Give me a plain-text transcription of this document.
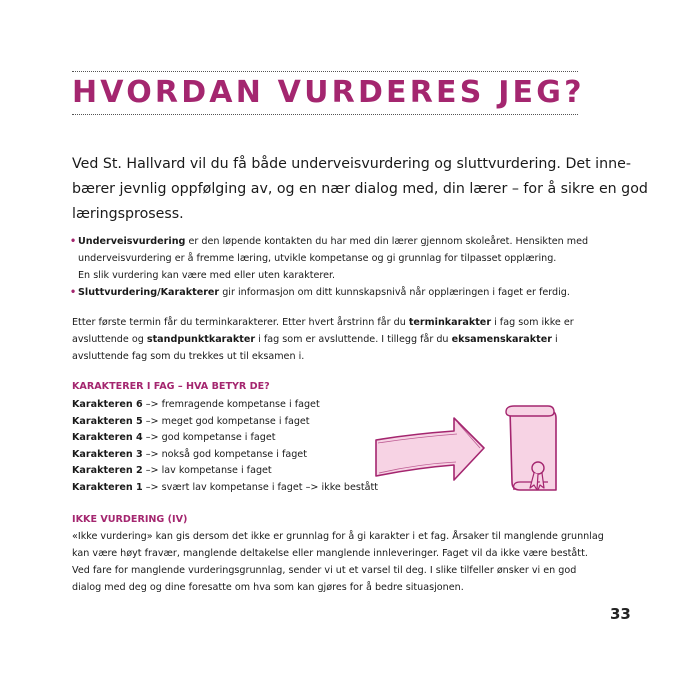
HVORDAN VURDERES JEG?

Ved St. Hallvard vil du få både underveisvurdering og sluttvurdering. Det inne-
bærer jevnlig oppfølging av, og en nær dialog med, din lærer – for å sikre en god
læringsprosess.

• Underveisvurdering er den løpende kontakten du har med din lærer gjennom skoleåret. Hensikten med
underveisvurdering er å fremme læring, utvikle kompetanse og gi grunnlag for tilpasset opplæring.
En slik vurdering kan være med eller uten karakterer.
• Sluttvurdering/Karakterer gir informasjon om ditt kunnskapsnivå når opplæringen i faget er ferdig.

Etter første termin får du terminkarakterer. Etter hvert årstrinn får du terminkarakter i fag som ikke er
avsluttende og standpunktkarakter i fag som er avsluttende. I tillegg får du eksamenskarakter i
avsluttende fag som du trekkes ut til eksamen i.

KARAKTERER I FAG – HVA BETYR DE?
Karakteren 6 –> fremragende kompetanse i faget
Karakteren 5 –> meget god kompetanse i faget
Karakteren 4 –> god kompetanse i faget
Karakteren 3 –> nokså god kompetanse i faget
Karakteren 2 –> lav kompetanse i faget
Karakteren 1 –> svært lav kompetanse i faget –> ikke bestått
IKKE VURDERING (IV)

«Ikke vurdering» kan gis dersom det ikke er grunnlag for å gi karakter i et fag. Årsaker til manglende grunnlag
kan være høyt fravær, manglende deltakelse eller manglende innleveringer. Faget vil da ikke være bestått.
Ved fare for manglende vurderingsgrunnlag, sender vi ut et varsel til deg. I slike tilfeller ønsker vi en god
dialog med deg og dine foresatte om hva som kan gjøres for å bedre situasjonen.

33
